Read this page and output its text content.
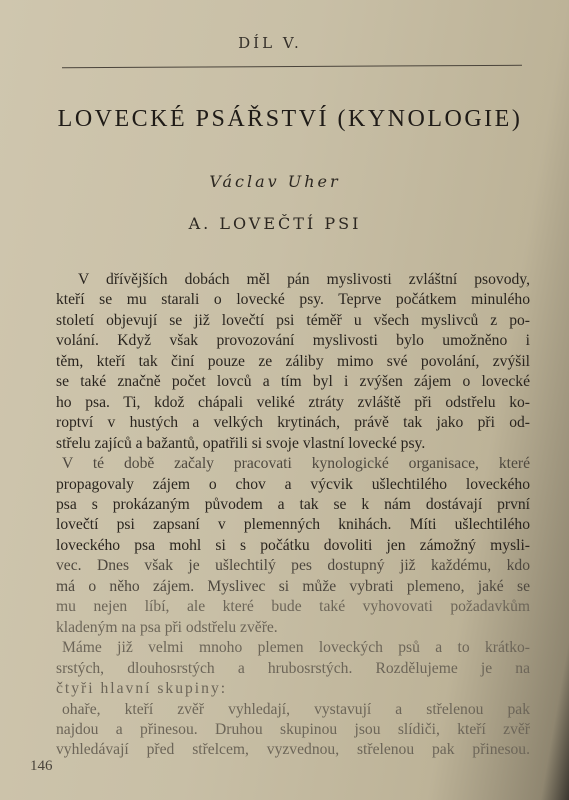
DÍL V.
LOVECKÉ PSÁŘSTVÍ (KYNOLOGIE)
Václav Uher
A. LOVEČTÍ PSI
V dřívějších dobách měl pán myslivosti zvláštní psovody,
kteří se mu starali o lovecké psy. Teprve počátkem minulého
století objevují se již lovečtí psi téměř u všech myslivců z po-
volání. Když však provozování myslivosti bylo umožněno i
těm, kteří tak činí pouze ze záliby mimo své povolání, zvýšil
se také značně počet lovců a tím byl i zvýšen zájem o lovecké
ho psa. Ti, kdož chápali veliké ztráty zvláště při odstřelu ko-
roptví v hustých a velkých krytinách, právě tak jako při od-
střelu zajíců a bažantů, opatřili si svoje vlastní lovecké psy.
V té době začaly pracovati kynologické organisace, které
propagovaly zájem o chov a výcvik ušlechtilého loveckého
psa s prokázaným původem a tak se k nám dostávají první
lovečtí psi zapsaní v plemenných knihách. Míti ušlechtilého
loveckého psa mohl si s počátku dovoliti jen zámožný mysli-
vec. Dnes však je ušlechtilý pes dostupný již každému, kdo
má o něho zájem. Myslivec si může vybrati plemeno, jaké se
mu nejen líbí, ale které bude také vyhovovati požadavkům
kladeným na psa při odstřelu zvěře.
Máme již velmi mnoho plemen loveckých psů a to krátko-
srstých, dlouhosrstých a hrubosrstých. Rozdělujeme je na
čtyři hlavní skupiny:
ohaře, kteří zvěř vyhledají, vystavují a střelenou pak
najdou a přinesou. Druhou skupinou jsou slídiči, kteří zvěř
vyhledávají před střelcem, vyzvednou, střelenou pak přinesou.
146
